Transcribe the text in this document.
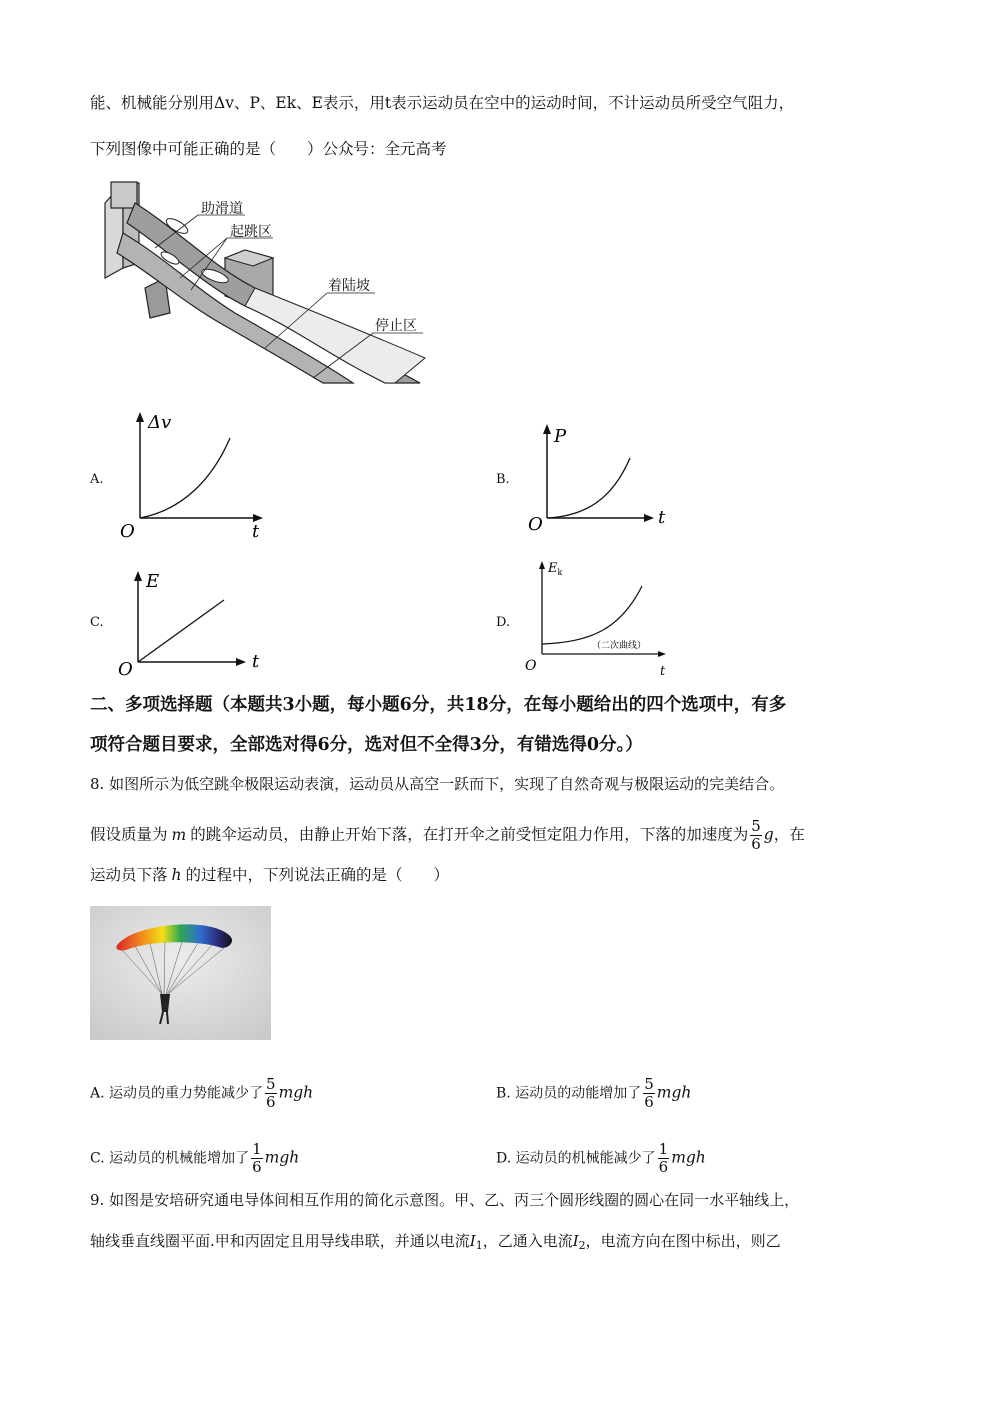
能、机械能分别用Δv、P、Ek、E表示，用t表示运动员在空中的运动时间，不计运动员所受空气阻力，
下列图像中可能正确的是（　　）公众号：全元高考
助滑道
起跳区
着陆坡
停止区
A.
Δv
t
O
B.
P
t
O
C.
E
t
O
D.
$E_k$
（二次曲线）
t
O
二、多项选择题（本题共3小题，每小题6分，共18分，在每小题给出的四个选项中，有多
项符合题目要求，全部选对得6分，选对但不全得3分，有错选得0分。）
8. 如图所示为低空跳伞极限运动表演，运动员从高空一跃而下，实现了自然奇观与极限运动的完美结合。
假设质量为 m 的跳伞运动员，由静止开始下落，在打开伞之前受恒定阻力作用，下落的加速度为 $\frac{5}{6}$ g，在
运动员下落 h 的过程中，下列说法正确的是（　　）
A. 运动员的重力势能减少了 $\frac{5}{6}$ mgh	B. 运动员的动能增加了 $\frac{5}{6}$ mgh
C. 运动员的机械能增加了 $\frac{1}{6}$ mgh	D. 运动员的机械能减少了 $\frac{1}{6}$ mgh
9. 如图是安培研究通电导体间相互作用的简化示意图。甲、乙、丙三个圆形线圈的圆心在同一水平轴线上，
轴线垂直线圈平面.甲和丙固定且用导线串联，并通以电流$I_1$，乙通入电流$I_2$，电流方向在图中标出，则乙
